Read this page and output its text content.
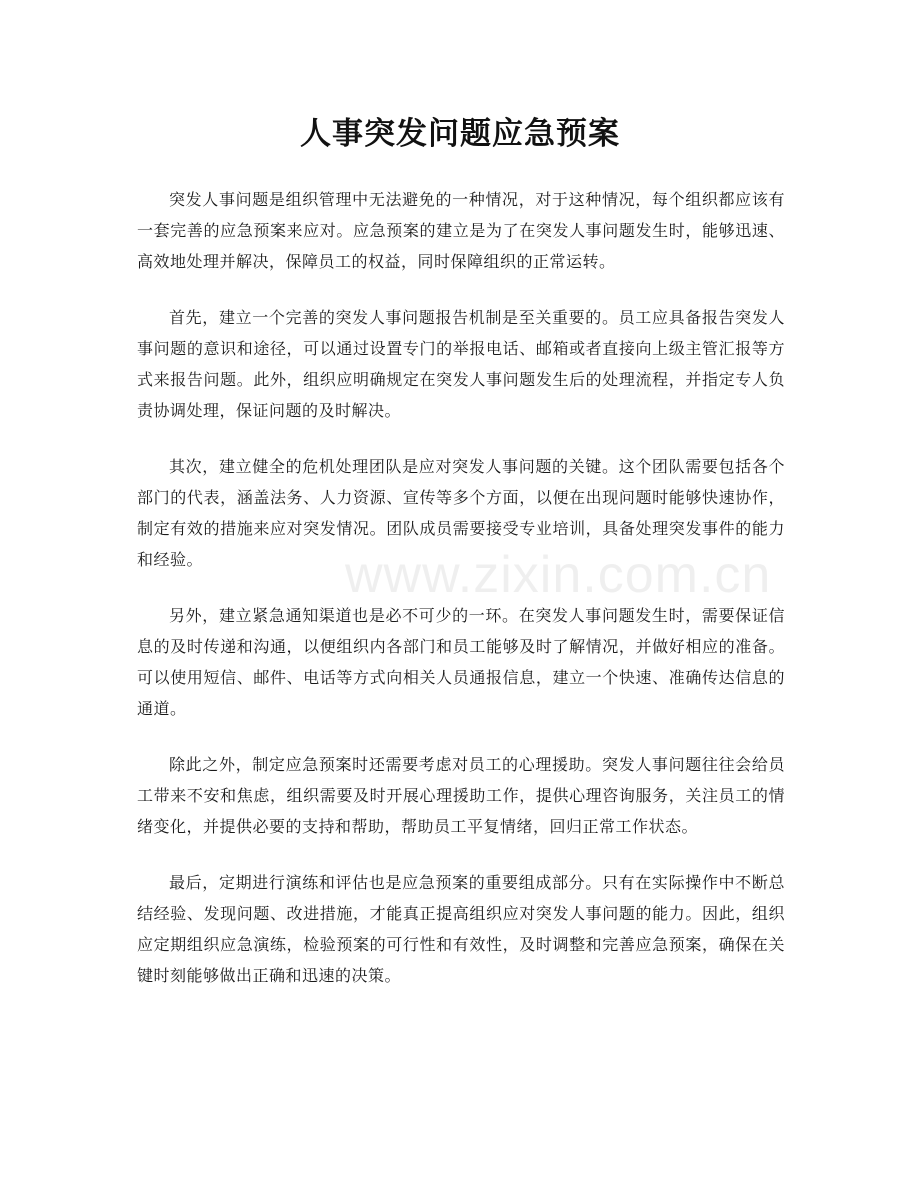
人事突发问题应急预案
www.zixin.com.cn

突发人事问题是组织管理中无法避免的一种情况，对于这种情况，每个组织都应该有一套完善的应急预案来应对。应急预案的建立是为了在突发人事问题发生时，能够迅速、高效地处理并解决，保障员工的权益，同时保障组织的正常运转。

首先，建立一个完善的突发人事问题报告机制是至关重要的。员工应具备报告突发人事问题的意识和途径，可以通过设置专门的举报电话、邮箱或者直接向上级主管汇报等方式来报告问题。此外，组织应明确规定在突发人事问题发生后的处理流程，并指定专人负责协调处理，保证问题的及时解决。

其次，建立健全的危机处理团队是应对突发人事问题的关键。这个团队需要包括各个部门的代表，涵盖法务、人力资源、宣传等多个方面，以便在出现问题时能够快速协作，制定有效的措施来应对突发情况。团队成员需要接受专业培训，具备处理突发事件的能力和经验。

另外，建立紧急通知渠道也是必不可少的一环。在突发人事问题发生时，需要保证信息的及时传递和沟通，以便组织内各部门和员工能够及时了解情况，并做好相应的准备。可以使用短信、邮件、电话等方式向相关人员通报信息，建立一个快速、准确传达信息的通道。

除此之外，制定应急预案时还需要考虑对员工的心理援助。突发人事问题往往会给员工带来不安和焦虑，组织需要及时开展心理援助工作，提供心理咨询服务，关注员工的情绪变化，并提供必要的支持和帮助，帮助员工平复情绪，回归正常工作状态。

最后，定期进行演练和评估也是应急预案的重要组成部分。只有在实际操作中不断总结经验、发现问题、改进措施，才能真正提高组织应对突发人事问题的能力。因此，组织应定期组织应急演练，检验预案的可行性和有效性，及时调整和完善应急预案，确保在关键时刻能够做出正确和迅速的决策。
